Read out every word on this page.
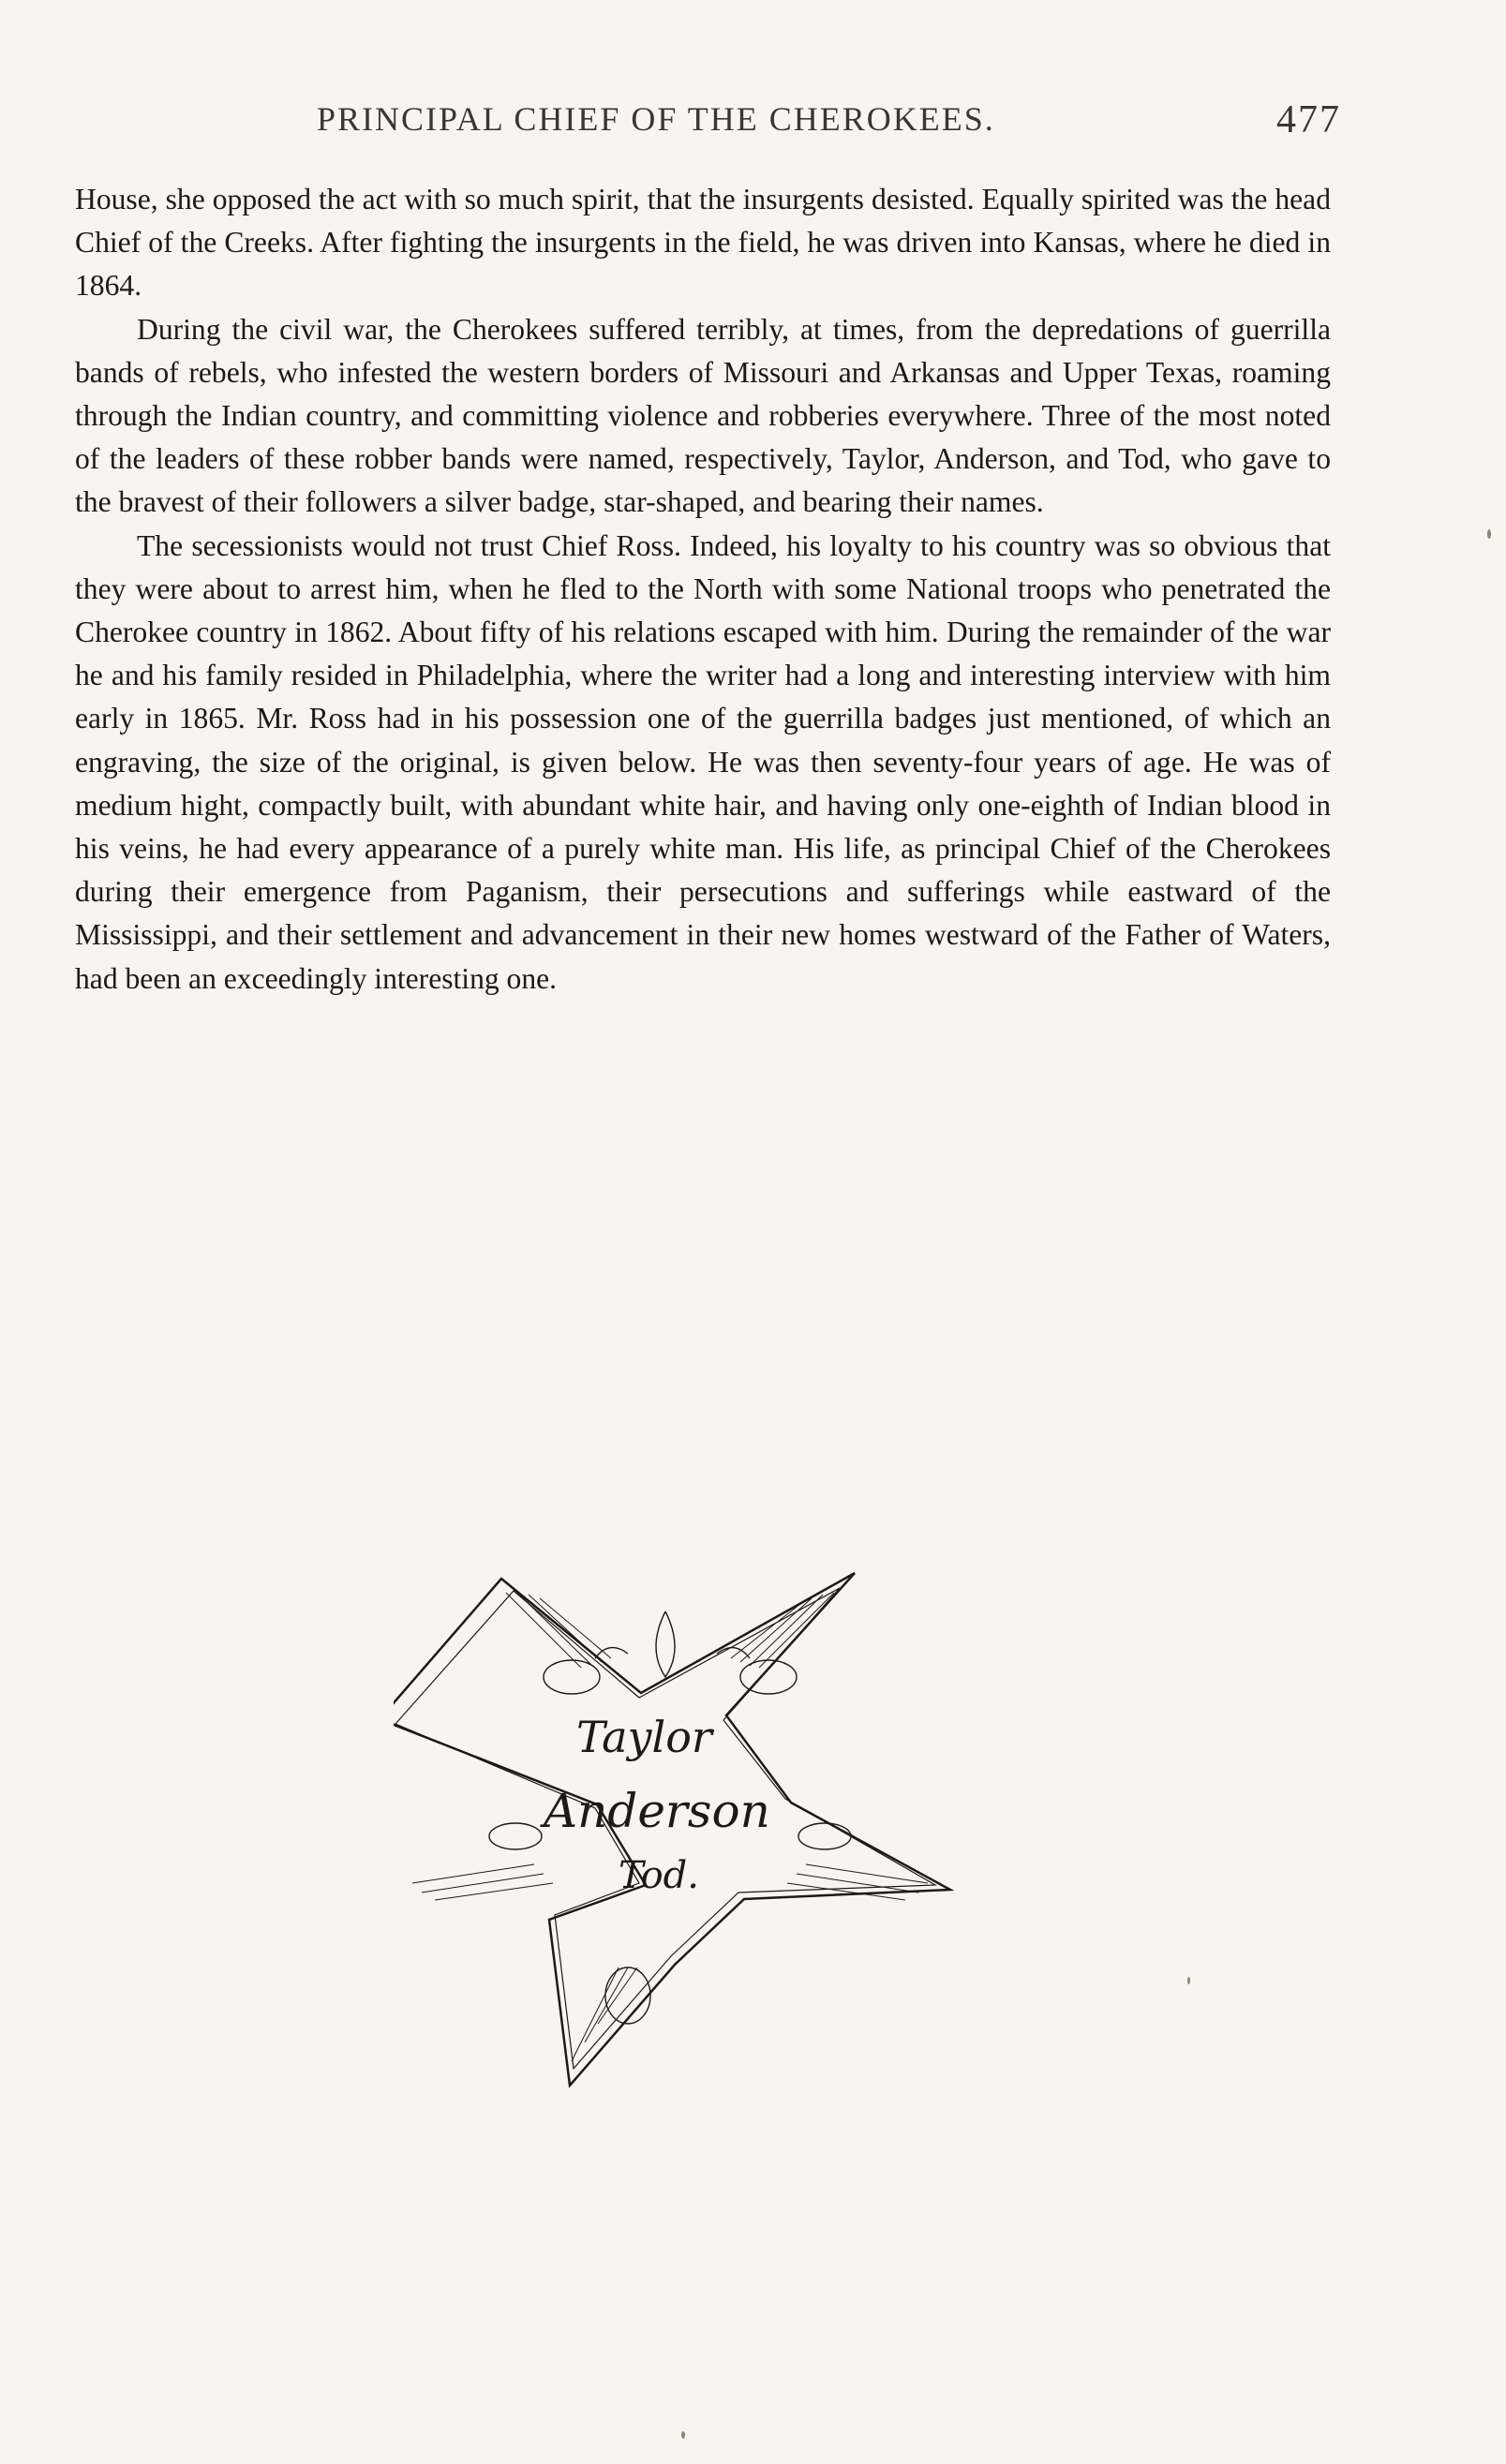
PRINCIPAL CHIEF OF THE CHEROKEES.	477

House, she opposed the act with so much spirit, that the insurgents desisted. Equally spirited was the head Chief of the Creeks. After fighting the insurgents in the field, he was driven into Kansas, where he died in 1864.

During the civil war, the Cherokees suffered terribly, at times, from the depredations of guerrilla bands of rebels, who infested the western borders of Missouri and Arkansas and Upper Texas, roaming through the Indian country, and committing violence and robberies everywhere. Three of the most noted of the leaders of these robber bands were named, respectively, Taylor, Anderson, and Tod, who gave to the bravest of their followers a silver badge, star-shaped, and bearing their names.

The secessionists would not trust Chief Ross. Indeed, his loyalty to his country was so obvious that they were about to arrest him, when he fled to the North with some National troops who penetrated the Cherokee country in 1862. About fifty of his relations escaped with him. During the remainder of the war he and his family resided in Philadelphia, where the writer had a long and interesting interview with him early in 1865. Mr. Ross had in his possession one of the guerrilla badges just mentioned, of which an engraving, the size of the original, is given below. He was then seventy-four years of age. He was of medium hight, compactly built, with abundant white hair, and having only one-eighth of Indian blood in his veins, he had every appearance of a purely white man. His life, as principal Chief of the Cherokees during their emergence from Paganism, their persecutions and sufferings while eastward of the Mississippi, and their settlement and advancement in their new homes westward of the Father of Waters, had been an exceedingly interesting one.

Taylor
Anderson
Tod.
